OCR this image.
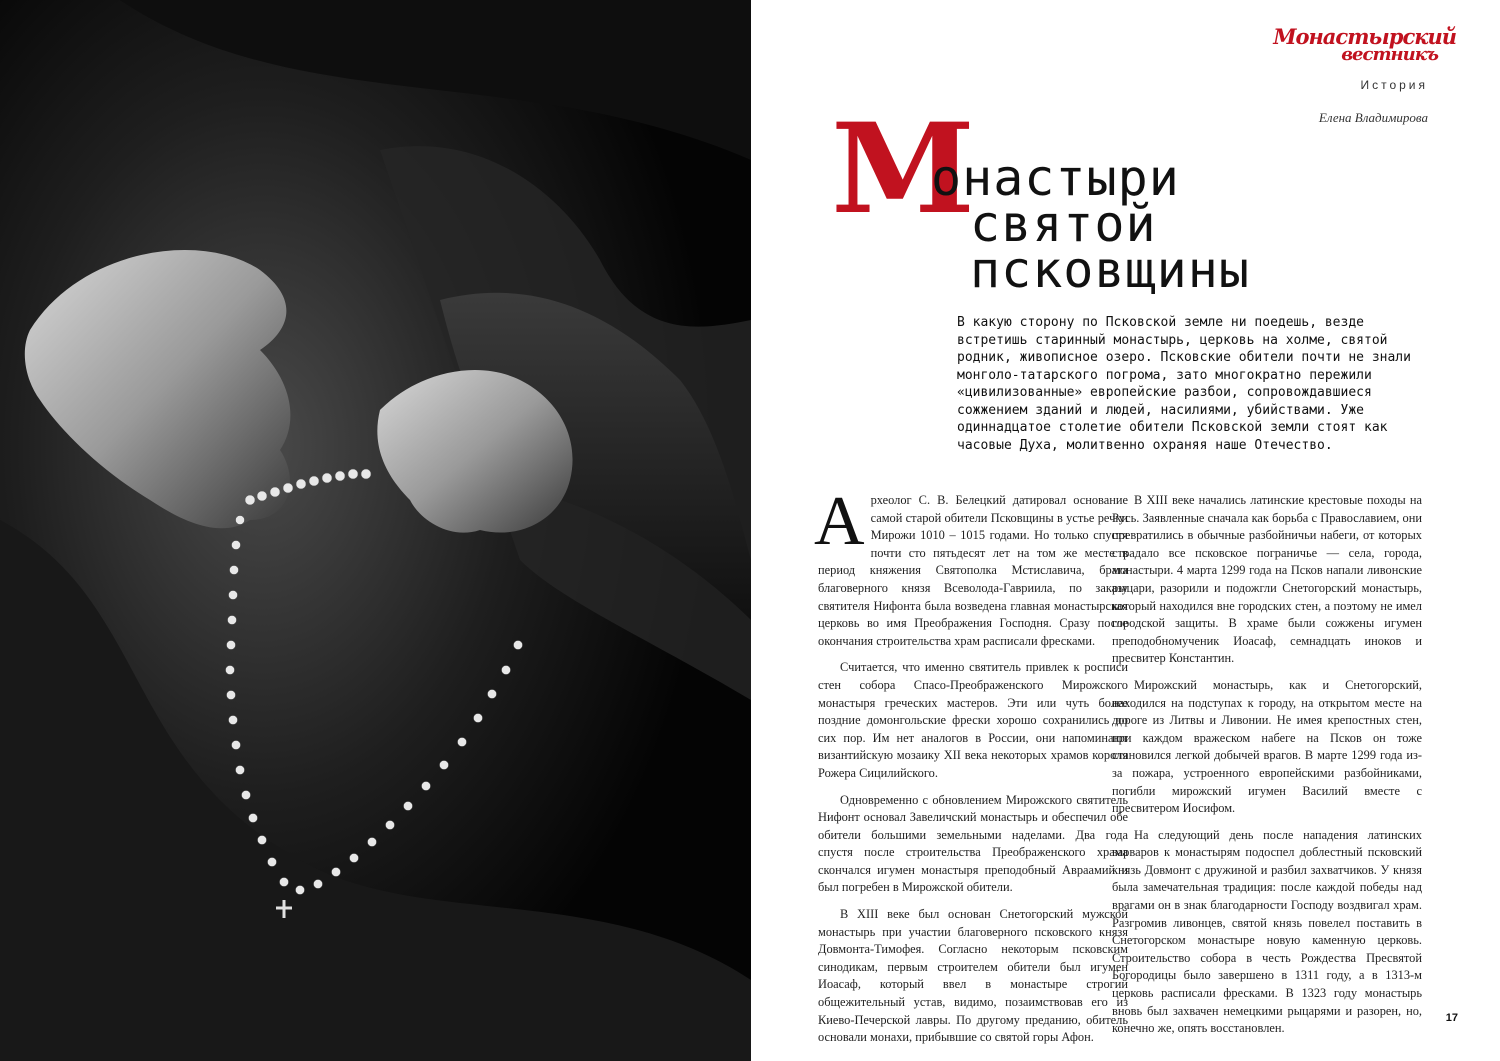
Монастырский
вестникъ
История
Елена Владимирова
М
онастыри
святой
псковщины

В какую сторону по Псковской земле ни поедешь, везде встретишь старинный монастырь, церковь на холме, святой родник, живописное озеро. Псковские обители почти не знали монголо-татарского погрома, зато многократно пережили «цивилизованные» европейские разбои, сопровождавшиеся сожжением зданий и людей, насилиями, убийствами. Уже одиннадцатое столетие обители Псковской земли стоят как часовые Духа, молитвенно охраняя наше Отечество.

Археолог С. В. Белецкий датировал основание самой старой обители Псковщины в устье речки Мирожи 1010 – 1015 годами. Но только спустя почти сто пятьдесят лет на том же месте в период княжения Святополка Мстиславича, брата благоверного князя Всеволода-Гавриила, по заказу святителя Нифонта была возведена главная монастырская церковь во имя Преображения Господня. Сразу после окончания строительства храм расписали фресками.

Считается, что именно святитель привлек к росписи стен собора Спасо-Преображенского Мирожского монастыря греческих мастеров. Эти или чуть более поздние домонгольские фрески хорошо сохранились до сих пор. Им нет аналогов в России, они напоминают византийскую мозаику XII века некоторых храмов короля Рожера Сицилийского.

Одновременно с обновлением Мирожского святитель Нифонт основал Завеличский монастырь и обеспечил обе обители большими земельными наделами. Два года спустя после строительства Преображенского храма скончался игумен монастыря преподобный Авраамий и был погребен в Мирожской обители.

В XIII веке был основан Снетогорский мужской монастырь при участии благоверного псковского князя Довмонта-Тимофея. Согласно некоторым псковским синодикам, первым строителем обители был игумен Иоасаф, который ввел в монастыре строгий общежительный устав, видимо, позаимствовав его из Киево-Печерской лавры. По другому преданию, обитель основали монахи, прибывшие со святой горы Афон.

В XIII веке начались латинские крестовые походы на Русь. Заявленные сначала как борьба с Православием, они превратились в обычные разбойничьи набеги, от которых страдало все псковское пограничье — села, города, монастыри. 4 марта 1299 года на Псков напали ливонские рыцари, разорили и подожгли Снетогорский монастырь, который находился вне городских стен, а поэтому не имел городской защиты. В храме были сожжены игумен преподобномученик Иоасаф, семнадцать иноков и пресвитер Константин.

Мирожский монастырь, как и Снетогорский, находился на подступах к городу, на открытом месте на дороге из Литвы и Ливонии. Не имея крепостных стен, при каждом вражеском набеге на Псков он тоже становился легкой добычей врагов. В марте 1299 года из-за пожара, устроенного европейскими разбойниками, погибли мирожский игумен Василий вместе с пресвитером Иосифом.

На следующий день после нападения латинских варваров к монастырям подоспел доблестный псковский князь Довмонт с дружиной и разбил захватчиков. У князя была замечательная традиция: после каждой победы над врагами он в знак благодарности Господу воздвигал храм. Разгромив ливонцев, святой князь повелел поставить в Снетогорском монастыре новую каменную церковь. Строительство собора в честь Рождества Пресвятой Богородицы было завершено в 1311 году, а в 1313-м церковь расписали фресками. В 1323 году монастырь вновь был захвачен немецкими рыцарями и разорен, но, конечно же, опять восстановлен.

17
